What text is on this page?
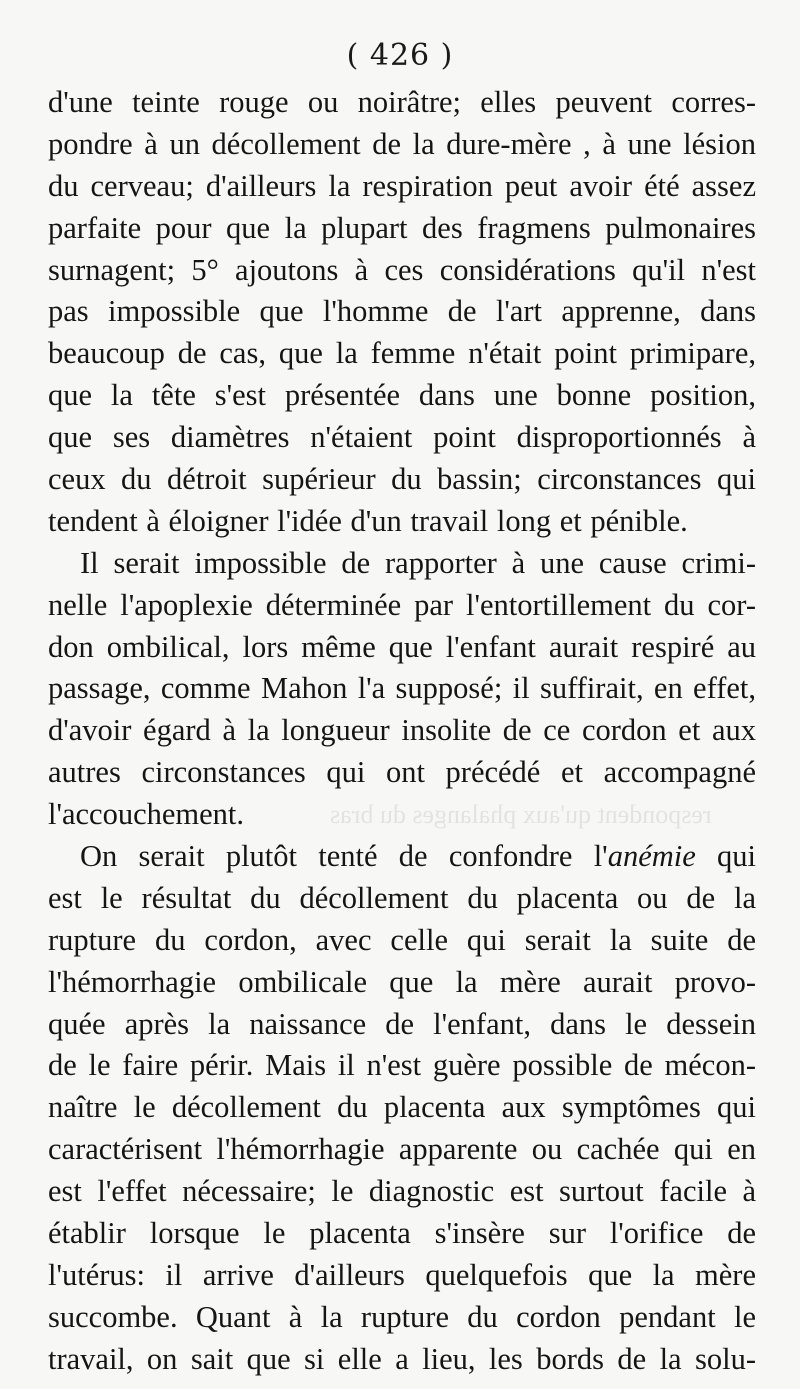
( 426 )
respondent qu'aux phalanges du bras
d'une teinte rouge ou noirâtre; elles peuvent corres-
pondre à un décollement de la dure-mère , à une lésion
du cerveau; d'ailleurs la respiration peut avoir été assez
parfaite pour que la plupart des fragmens pulmonaires
surnagent; 5° ajoutons à ces considérations qu'il n'est
pas impossible que l'homme de l'art apprenne, dans
beaucoup de cas, que la femme n'était point primipare,
que la tête s'est présentée dans une bonne position,
que ses diamètres n'étaient point disproportionnés à
ceux du détroit supérieur du bassin; circonstances qui
tendent à éloigner l'idée d'un travail long et pénible.
Il serait impossible de rapporter à une cause crimi-
nelle l'apoplexie déterminée par l'entortillement du cor-
don ombilical, lors même que l'enfant aurait respiré au
passage, comme Mahon l'a supposé; il suffirait, en effet,
d'avoir égard à la longueur insolite de ce cordon et aux
autres circonstances qui ont précédé et accompagné
l'accouchement.
On serait plutôt tenté de confondre l'anémie qui
est le résultat du décollement du placenta ou de la
rupture du cordon, avec celle qui serait la suite de
l'hémorrhagie ombilicale que la mère aurait provo-
quée après la naissance de l'enfant, dans le dessein
de le faire périr. Mais il n'est guère possible de mécon-
naître le décollement du placenta aux symptômes qui
caractérisent l'hémorrhagie apparente ou cachée qui en
est l'effet nécessaire; le diagnostic est surtout facile à
établir lorsque le placenta s'insère sur l'orifice de
l'utérus: il arrive d'ailleurs quelquefois que la mère
succombe. Quant à la rupture du cordon pendant le
travail, on sait que si elle a lieu, les bords de la solu-
